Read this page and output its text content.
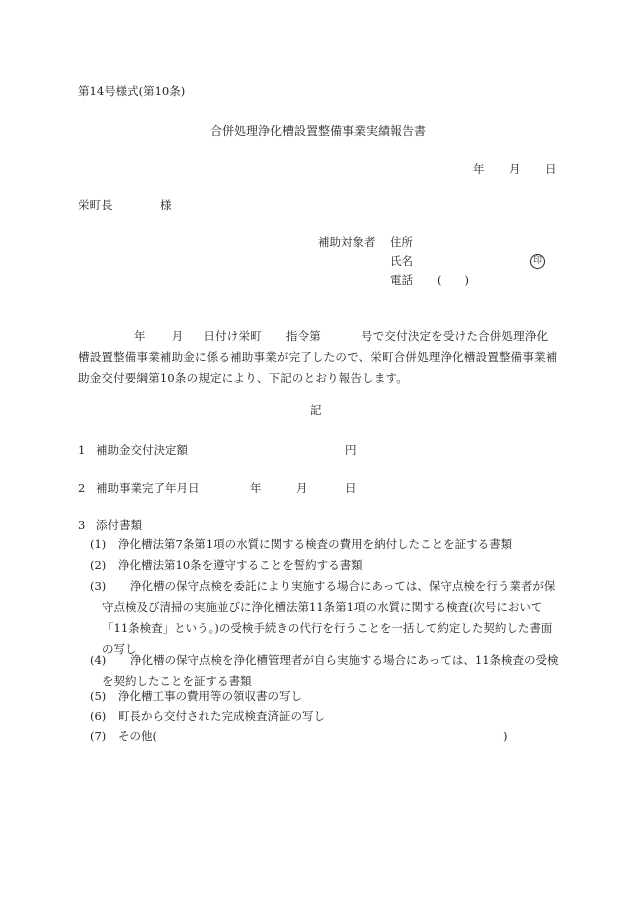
第14号様式(第10条)
合併処理浄化槽設置整備事業実績報告書
年 月 日
栄町長	様
補助対象者 住所
氏名	印
電話 (　　)
年 月 日付け栄町 指令第	号で交付決定を受けた合併処理浄化槽設置整備事業補助金に係る補助事業が完了したので、栄町合併処理浄化槽設置整備事業補助金交付要綱第10条の規定により、下記のとおり報告します。
記
1 補助金交付決定額	円
2 補助事業完了年月日	年	月	日
3 添付書類
(1)	浄化槽法第7条第1項の水質に関する検査の費用を納付したことを証する書類
(2)	浄化槽法第10条を遵守することを誓約する書類
(3)	浄化槽の保守点検を委託により実施する場合にあっては、保守点検を行う業者が保守点検及び清掃の実施並びに浄化槽法第11条第1項の水質に関する検査(次号において「11条検査」という。)の受検手続きの代行を行うことを一括して約定した契約した書面の写し
(4)	浄化槽の保守点検を浄化槽管理者が自ら実施する場合にあっては、11条検査の受検を契約したことを証する書類
(5)	浄化槽工事の費用等の領収書の写し
(6)	町長から交付された完成検査済証の写し
(7)	その他(	)
